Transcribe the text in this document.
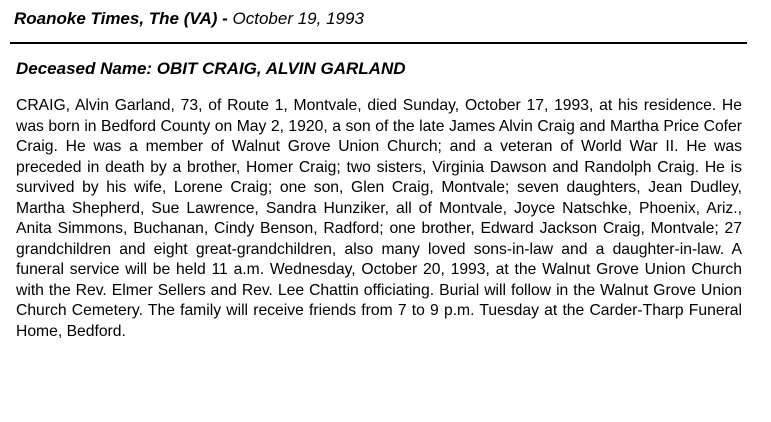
Roanoke Times, The (VA) - October 19, 1993
Deceased Name: OBIT CRAIG, ALVIN GARLAND
CRAIG, Alvin Garland, 73, of Route 1, Montvale, died Sunday, October 17, 1993, at his residence. He was born in Bedford County on May 2, 1920, a son of the late James Alvin Craig and Martha Price Cofer Craig. He was a member of Walnut Grove Union Church; and a veteran of World War II. He was preceded in death by a brother, Homer Craig; two sisters, Virginia Dawson and Randolph Craig. He is survived by his wife, Lorene Craig; one son, Glen Craig, Montvale; seven daughters, Jean Dudley, Martha Shepherd, Sue Lawrence, Sandra Hunziker, all of Montvale, Joyce Natschke, Phoenix, Ariz., Anita Simmons, Buchanan, Cindy Benson, Radford; one brother, Edward Jackson Craig, Montvale; 27 grandchildren and eight great-grandchildren, also many loved sons-in-law and a daughter-in-law. A funeral service will be held 11 a.m. Wednesday, October 20, 1993, at the Walnut Grove Union Church with the Rev. Elmer Sellers and Rev. Lee Chattin officiating. Burial will follow in the Walnut Grove Union Church Cemetery. The family will receive friends from 7 to 9 p.m. Tuesday at the Carder-Tharp Funeral Home, Bedford.
